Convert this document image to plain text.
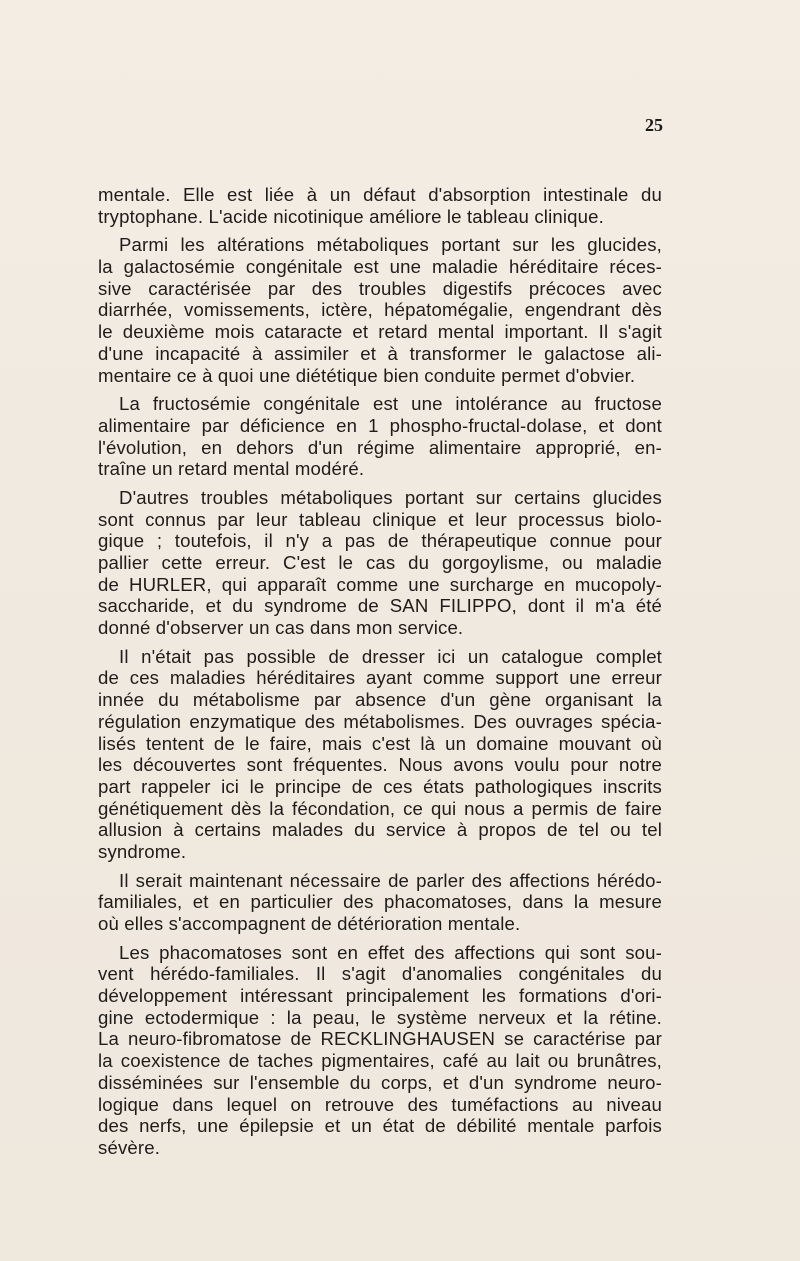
25

mentale. Elle est liée à un défaut d'absorption intestinale du
tryptophane. L'acide nicotinique améliore le tableau clinique.
Parmi les altérations métaboliques portant sur les glucides,
la galactosémie congénitale est une maladie héréditaire réces-
sive caractérisée par des troubles digestifs précoces avec
diarrhée, vomissements, ictère, hépatomégalie, engendrant dès
le deuxième mois cataracte et retard mental important. Il s'agit
d'une incapacité à assimiler et à transformer le galactose ali-
mentaire ce à quoi une diététique bien conduite permet d'obvier.
La fructosémie congénitale est une intolérance au fructose
alimentaire par déficience en 1 phospho-fructal-dolase, et dont
l'évolution, en dehors d'un régime alimentaire approprié, en-
traîne un retard mental modéré.
D'autres troubles métaboliques portant sur certains glucides
sont connus par leur tableau clinique et leur processus biolo-
gique ; toutefois, il n'y a pas de thérapeutique connue pour
pallier cette erreur. C'est le cas du gorgoylisme, ou maladie
de HURLER, qui apparaît comme une surcharge en mucopoly-
saccharide, et du syndrome de SAN FILIPPO, dont il m'a été
donné d'observer un cas dans mon service.
Il n'était pas possible de dresser ici un catalogue complet
de ces maladies héréditaires ayant comme support une erreur
innée du métabolisme par absence d'un gène organisant la
régulation enzymatique des métabolismes. Des ouvrages spécia-
lisés tentent de le faire, mais c'est là un domaine mouvant où
les découvertes sont fréquentes. Nous avons voulu pour notre
part rappeler ici le principe de ces états pathologiques inscrits
génétiquement dès la fécondation, ce qui nous a permis de faire
allusion à certains malades du service à propos de tel ou tel
syndrome.
Il serait maintenant nécessaire de parler des affections hérédo-
familiales, et en particulier des phacomatoses, dans la mesure
où elles s'accompagnent de détérioration mentale.
Les phacomatoses sont en effet des affections qui sont sou-
vent hérédo-familiales. Il s'agit d'anomalies congénitales du
développement intéressant principalement les formations d'ori-
gine ectodermique : la peau, le système nerveux et la rétine.
La neuro-fibromatose de RECKLINGHAUSEN se caractérise par
la coexistence de taches pigmentaires, café au lait ou brunâtres,
disséminées sur l'ensemble du corps, et d'un syndrome neuro-
logique dans lequel on retrouve des tuméfactions au niveau
des nerfs, une épilepsie et un état de débilité mentale parfois
sévère.
